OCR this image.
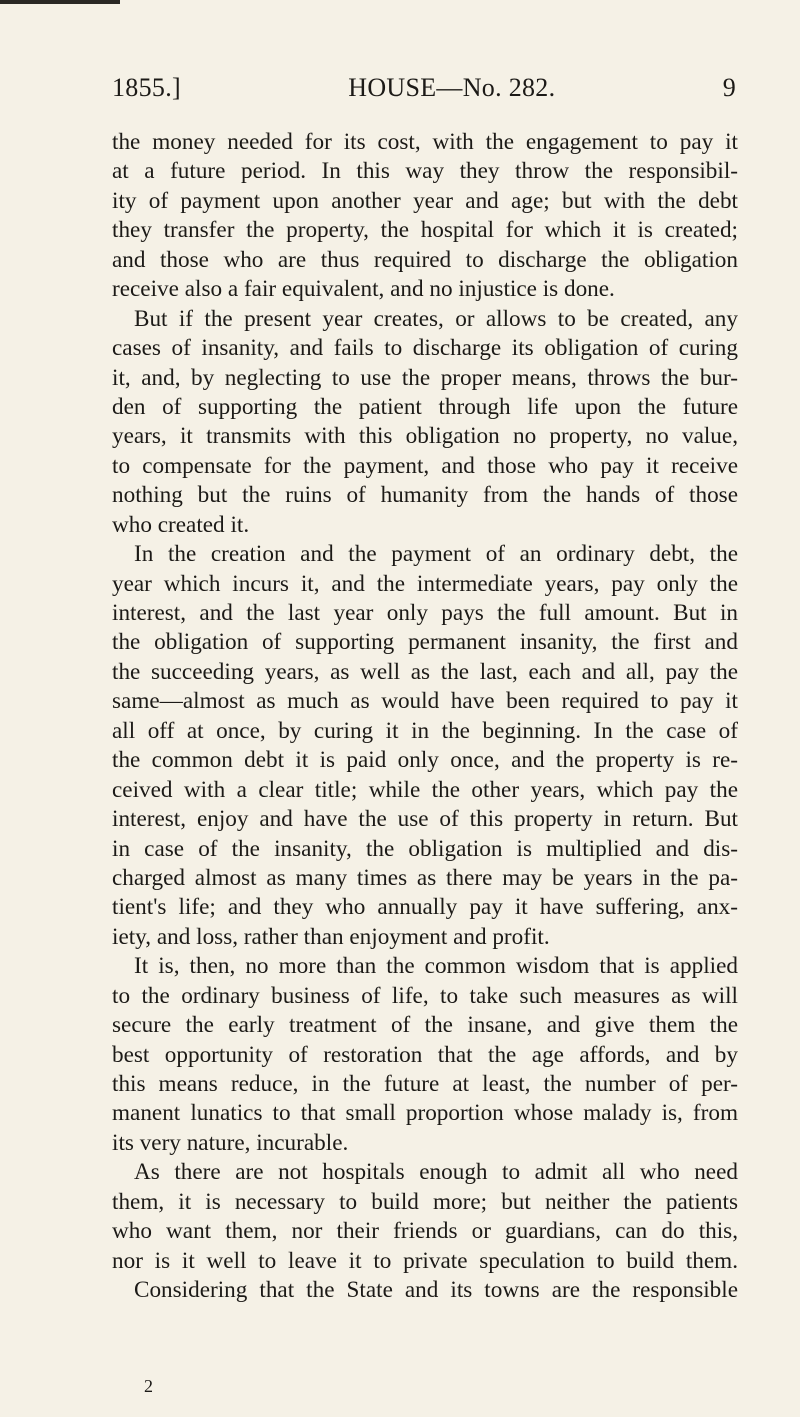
1855.]	HOUSE—No. 282.	9
the money needed for its cost, with the engagement to pay it
at a future period. In this way they throw the responsibil-
ity of payment upon another year and age; but with the debt
they transfer the property, the hospital for which it is created;
and those who are thus required to discharge the obligation
receive also a fair equivalent, and no injustice is done.
But if the present year creates, or allows to be created, any
cases of insanity, and fails to discharge its obligation of curing
it, and, by neglecting to use the proper means, throws the bur-
den of supporting the patient through life upon the future
years, it transmits with this obligation no property, no value,
to compensate for the payment, and those who pay it receive
nothing but the ruins of humanity from the hands of those
who created it.
In the creation and the payment of an ordinary debt, the
year which incurs it, and the intermediate years, pay only the
interest, and the last year only pays the full amount. But in
the obligation of supporting permanent insanity, the first and
the succeeding years, as well as the last, each and all, pay the
same—almost as much as would have been required to pay it
all off at once, by curing it in the beginning. In the case of
the common debt it is paid only once, and the property is re-
ceived with a clear title; while the other years, which pay the
interest, enjoy and have the use of this property in return. But
in case of the insanity, the obligation is multiplied and dis-
charged almost as many times as there may be years in the pa-
tient's life; and they who annually pay it have suffering, anx-
iety, and loss, rather than enjoyment and profit.
It is, then, no more than the common wisdom that is applied
to the ordinary business of life, to take such measures as will
secure the early treatment of the insane, and give them the
best opportunity of restoration that the age affords, and by
this means reduce, in the future at least, the number of per-
manent lunatics to that small proportion whose malady is, from
its very nature, incurable.
As there are not hospitals enough to admit all who need
them, it is necessary to build more; but neither the patients
who want them, nor their friends or guardians, can do this,
nor is it well to leave it to private speculation to build them.
Considering that the State and its towns are the responsible
2
